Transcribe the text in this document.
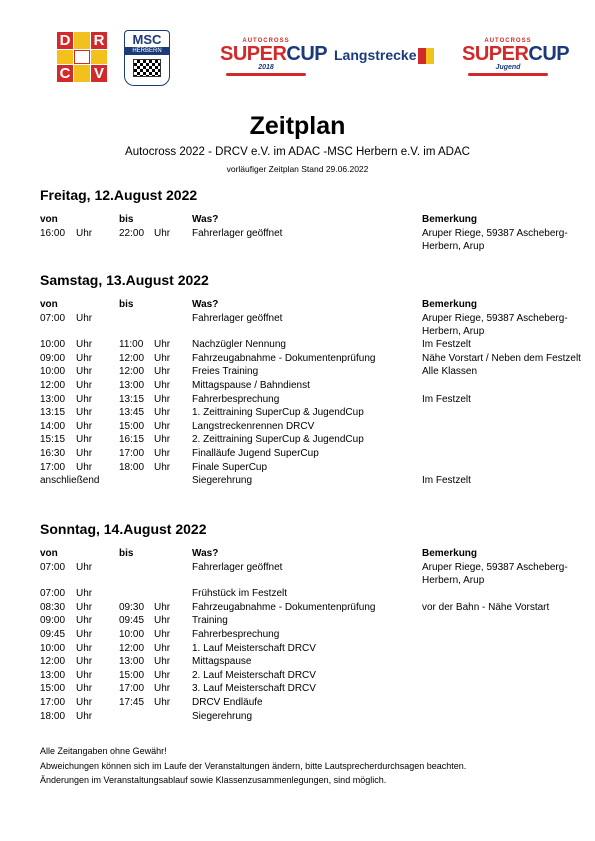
D R
C V
MSC
HERBERN
AUTOCROSS
SUPERCUP
2018
Langstrecke
AUTOCROSS
SUPERCUP
Jugend
Zeitplan
Autocross 2022 - DRCV e.V. im ADAC -MSC Herbern e.V. im ADAC
vorläufiger Zeitplan Stand 29.06.2022
Freitag, 12.August 2022
von	bis	Was?	Bemerkung
16:00 Uhr	22:00 Uhr Fahrerlager geöffnet	Aruper Riege, 59387 Ascheberg-Herbern, Arup
Samstag, 13.August 2022
von	bis	Was?	Bemerkung
07:00 Uhr	Fahrerlager geöffnet	Aruper Riege, 59387 Ascheberg-Herbern, Arup
10:00 Uhr	11:00 Uhr Nachzügler Nennung	Im Festzelt
09:00 Uhr	12:00 Uhr Fahrzeugabnahme - Dokumentenprüfung	Nähe Vorstart / Neben dem Festzelt
10:00 Uhr	12:00 Uhr Freies Training	Alle Klassen
12:00 Uhr	13:00 Uhr Mittagspause / Bahndienst
13:00 Uhr	13:15 Uhr Fahrerbesprechung	Im Festzelt
13:15 Uhr	13:45 Uhr 1. Zeittraining SuperCup & JugendCup
14:00 Uhr	15:00 Uhr Langstreckenrennen DRCV
15:15 Uhr	16:15 Uhr 2. Zeittraining SuperCup & JugendCup
16:30 Uhr	17:00 Uhr Finalläufe Jugend SuperCup
17:00 Uhr	18:00 Uhr Finale SuperCup
anschließend	Siegerehrung	Im Festzelt
Sonntag, 14.August 2022
von	bis	Was?	Bemerkung
07:00 Uhr	Fahrerlager geöffnet	Aruper Riege, 59387 Ascheberg-Herbern, Arup
07:00 Uhr	Frühstück im Festzelt
08:30 Uhr	09:30 Uhr Fahrzeugabnahme - Dokumentenprüfung	vor der Bahn - Nähe Vorstart
09:00 Uhr	09:45 Uhr Training
09:45 Uhr	10:00 Uhr Fahrerbesprechung
10:00 Uhr	12:00 Uhr 1. Lauf Meisterschaft DRCV
12:00 Uhr	13:00 Uhr Mittagspause
13:00 Uhr	15:00 Uhr 2. Lauf Meisterschaft DRCV
15:00 Uhr	17:00 Uhr 3. Lauf Meisterschaft DRCV
17:00 Uhr	17:45 Uhr DRCV Endläufe
18:00 Uhr	Siegerehrung
Alle Zeitangaben ohne Gewähr!
Abweichungen können sich im Laufe der Veranstaltungen ändern, bitte Lautsprecherdurchsagen beachten.
Änderungen im Veranstaltungsablauf sowie Klassenzusammenlegungen, sind möglich.
